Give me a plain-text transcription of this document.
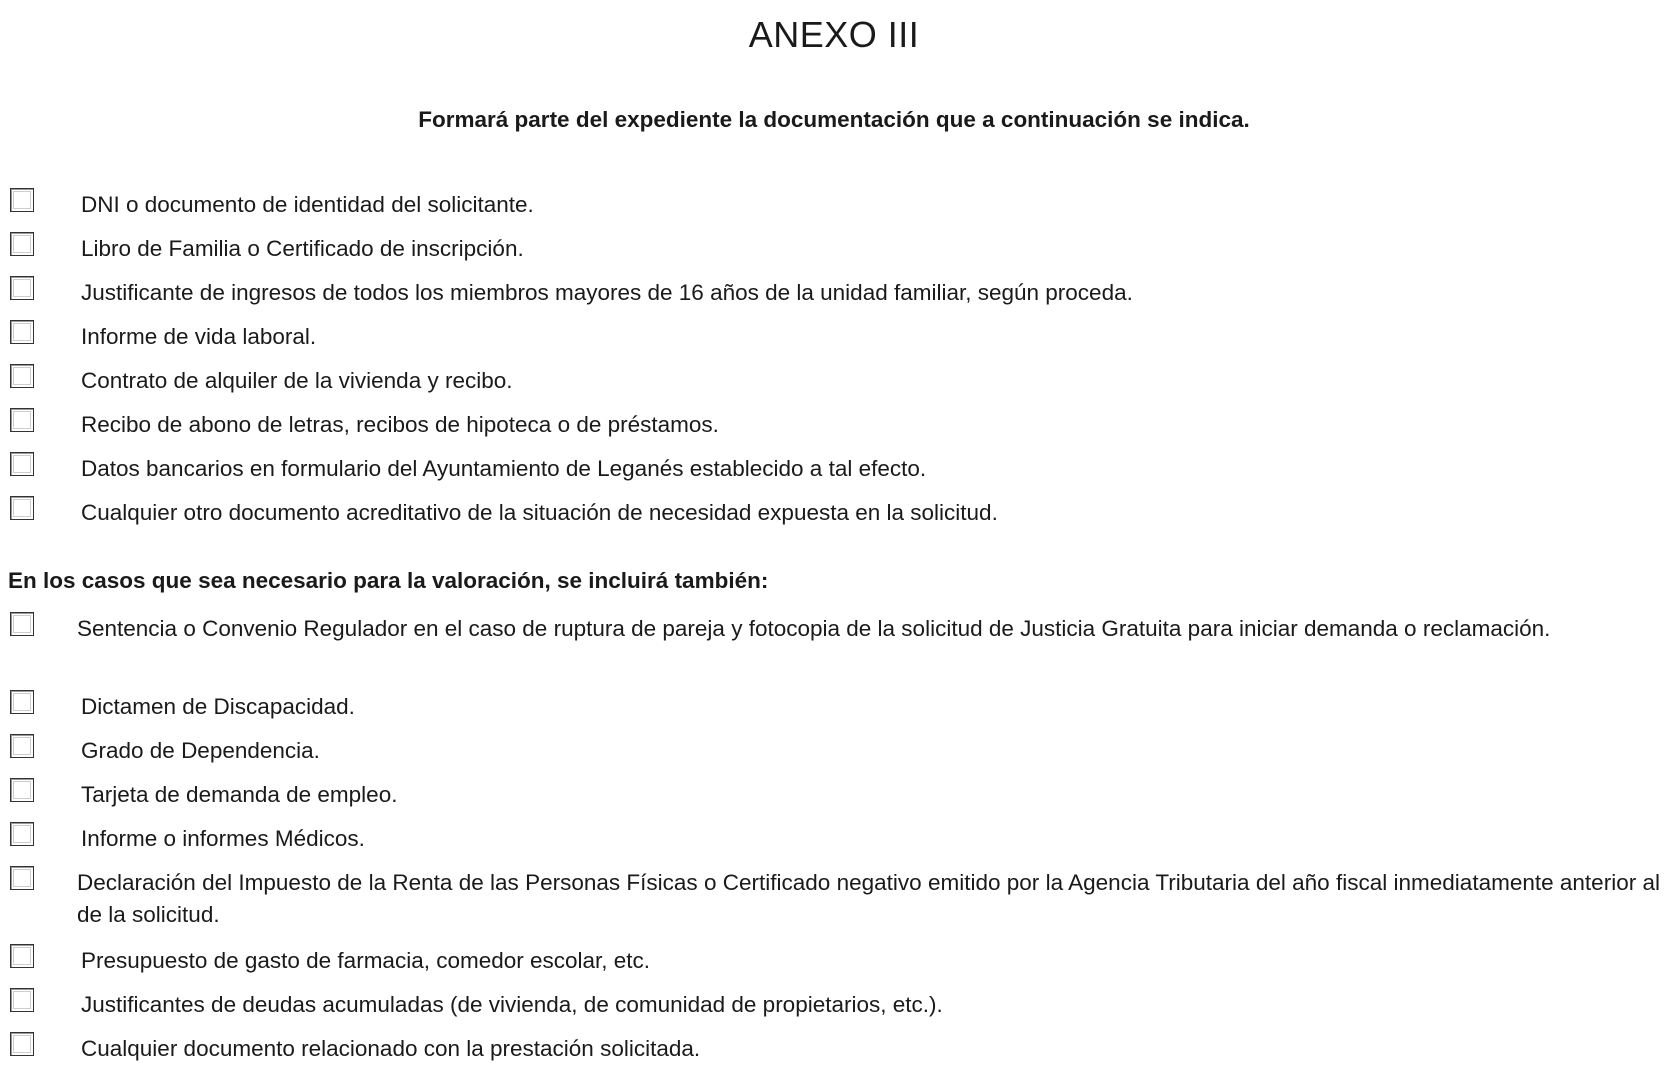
ANEXO III
Formará parte del expediente la documentación que a continuación se indica.
DNI o documento de identidad del solicitante.
Libro de Familia o Certificado de inscripción.
Justificante de ingresos de todos los miembros mayores de 16 años de la unidad familiar, según proceda.
Informe de vida laboral.
Contrato de alquiler de la vivienda y recibo.
Recibo de abono de letras, recibos de hipoteca o de préstamos.
Datos bancarios en formulario del Ayuntamiento de Leganés establecido a tal efecto.
Cualquier otro documento acreditativo de la situación de necesidad expuesta en la solicitud.
En los casos que sea necesario para la valoración, se incluirá también:
Sentencia o Convenio Regulador en el caso de ruptura de pareja y fotocopia de la solicitud de Justicia Gratuita para iniciar demanda o reclamación.
Dictamen de Discapacidad.
Grado de Dependencia.
Tarjeta de demanda de empleo.
Informe o informes Médicos.
Declaración del Impuesto de la Renta de las Personas Físicas o Certificado negativo emitido por la Agencia Tributaria del año fiscal inmediatamente anterior al de la solicitud.
Presupuesto de gasto de farmacia, comedor escolar, etc.
Justificantes de deudas acumuladas (de vivienda, de comunidad de propietarios, etc.).
Cualquier documento relacionado con la prestación solicitada.
